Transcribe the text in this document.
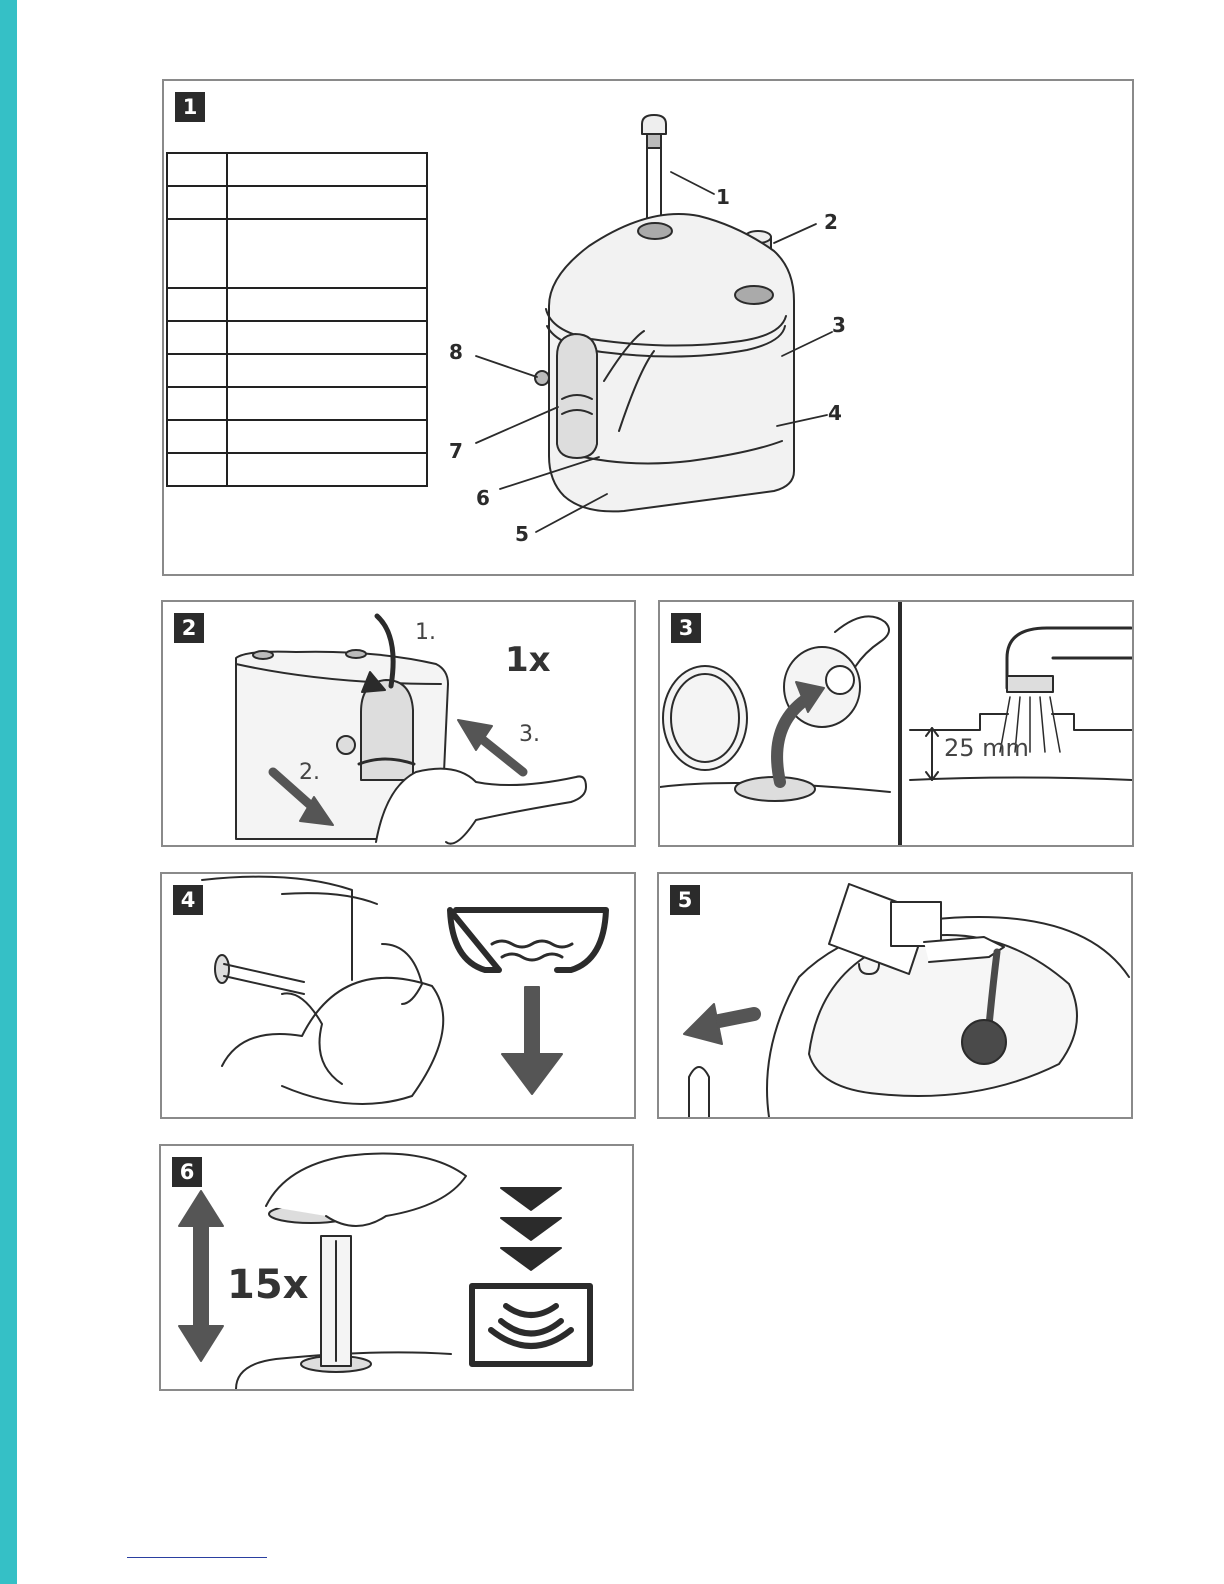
1

1
2
3
4
5
6
7
8
2	1.
2.
3.
1x
3
25 mm
4	5
6
15x
